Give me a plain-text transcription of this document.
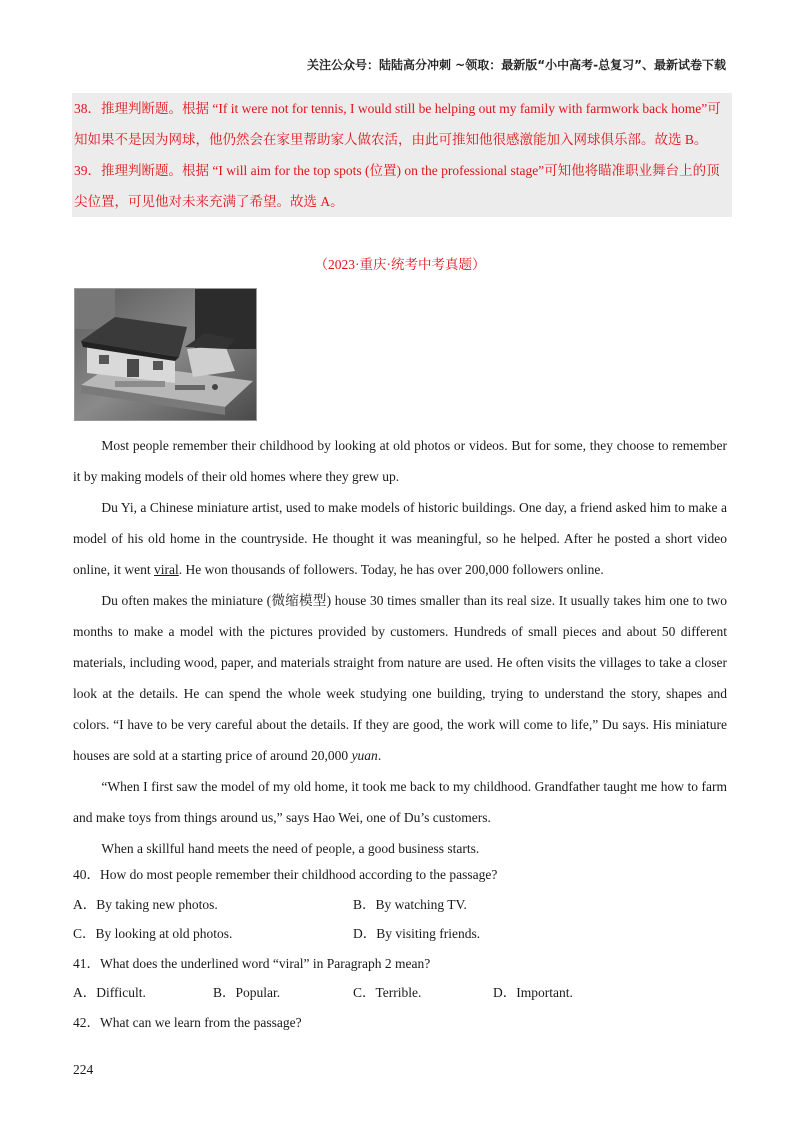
关注公众号：陆陆高分冲刺 ~领取：最新版“小中高考-总复习”、最新试卷下载

38．推理判断题。根据 “If it were not for tennis, I would still be helping out my family with farmwork back home”可知如果不是因为网球，他仍然会在家里帮助家人做农活，由此可推知他很感激能加入网球俱乐部。故选 B。

39．推理判断题。根据 “I will aim for the top spots (位置) on the professional stage”可知他将瞄准职业舞台上的顶尖位置，可见他对未来充满了希望。故选 A。

（2023·重庆·统考中考真题）

Most people remember their childhood by looking at old photos or videos. But for some, they choose to remember it by making models of their old homes where they grew up.

Du Yi, a Chinese miniature artist, used to make models of historic buildings. One day, a friend asked him to make a model of his old home in the countryside. He thought it was meaningful, so he helped. After he posted a short video online, it went viral. He won thousands of followers. Today, he has over 200,000 followers online.

Du often makes the miniature (微缩模型) house 30 times smaller than its real size. It usually takes him one to two months to make a model with the pictures provided by customers. Hundreds of small pieces and about 50 different materials, including wood, paper, and materials straight from nature are used. He often visits the villages to take a closer look at the details. He can spend the whole week studying one building, trying to understand the story, shapes and colors. “I have to be very careful about the details. If they are good, the work will come to life,” Du says. His miniature houses are sold at a starting price of around 20,000 yuan.

“When I first saw the model of my old home, it took me back to my childhood. Grandfather taught me how to farm and make toys from things around us,” says Hao Wei, one of Du’s customers.

When a skillful hand meets the need of people, a good business starts.

40．How do most people remember their childhood according to the passage?
A．By taking new photos.	B．By watching TV.
C．By looking at old photos.	D．By visiting friends.
41．What does the underlined word “viral” in Paragraph 2 mean?
A．Difficult.	B．Popular.	C．Terrible.	D．Important.
42．What can we learn from the passage?
224
